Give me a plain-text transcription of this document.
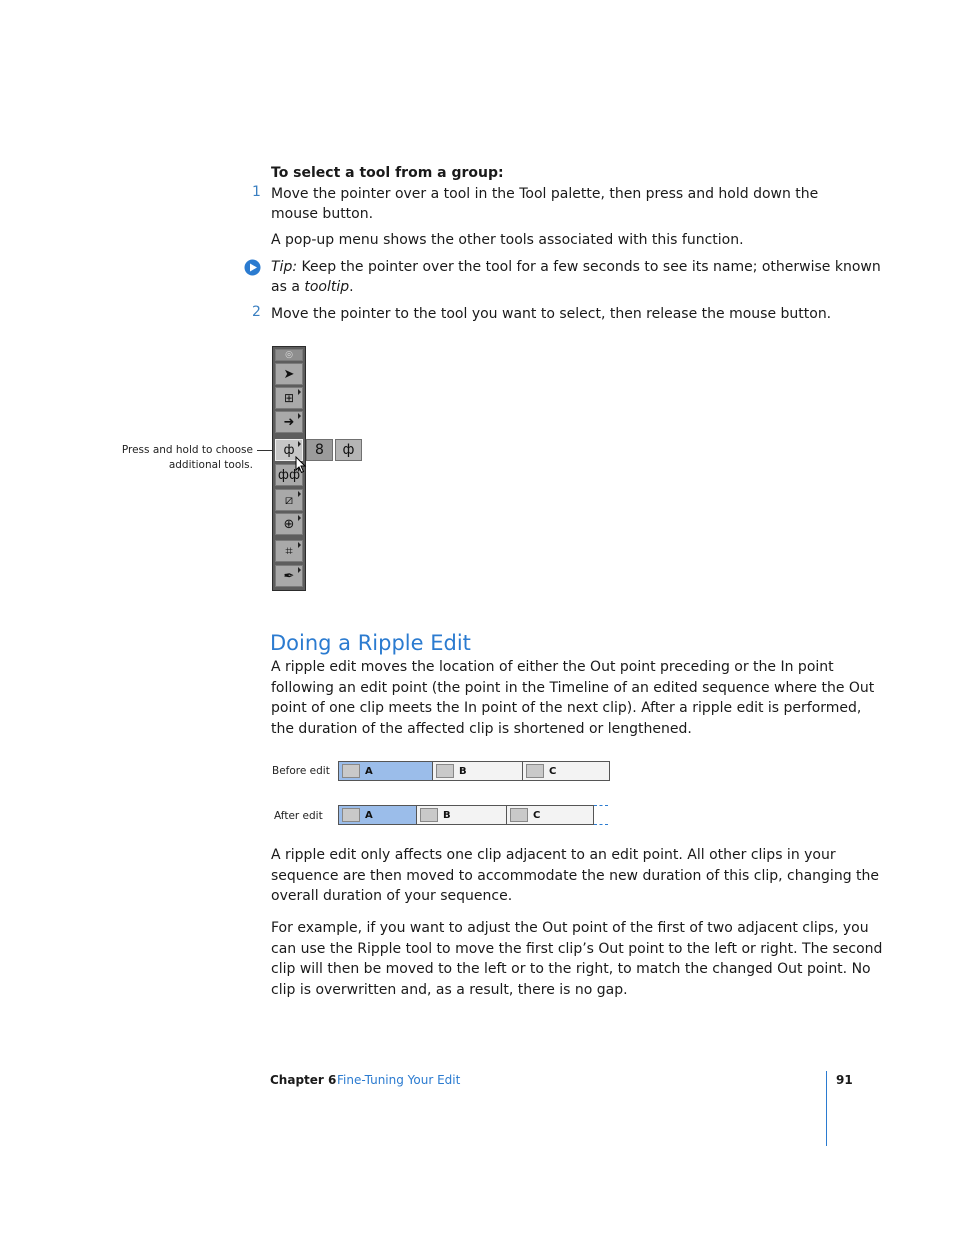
To select a tool from a group:
1 Move the pointer over a tool in the Tool palette, then press and hold down the
mouse button.
A pop-up menu shows the other tools associated with this function.
Tip: Keep the pointer over the tool for a few seconds to see its name; otherwise known
as a tooltip.
2 Move the pointer to the tool you want to select, then release the mouse button.
Press and hold to choose
additional tools.
◎
➤
⊞
➜
ф
фф
⧄
⊕
⌗
✒
8 ф
Doing a Ripple Edit
A ripple edit moves the location of either the Out point preceding or the In point
following an edit point (the point in the Timeline of an edited sequence where the Out
point of one clip meets the In point of the next clip). After a ripple edit is performed,
the duration of the affected clip is shortened or lengthened.
Before edit	A	B	C
After edit	A	B	C
A ripple edit only affects one clip adjacent to an edit point. All other clips in your
sequence are then moved to accommodate the new duration of this clip, changing the
overall duration of your sequence.
For example, if you want to adjust the Out point of the first of two adjacent clips, you
can use the Ripple tool to move the first clip’s Out point to the left or right. The second
clip will then be moved to the left or to the right, to match the changed Out point. No
clip is overwritten and, as a result, there is no gap.
Chapter 6 Fine-Tuning Your Edit	91
